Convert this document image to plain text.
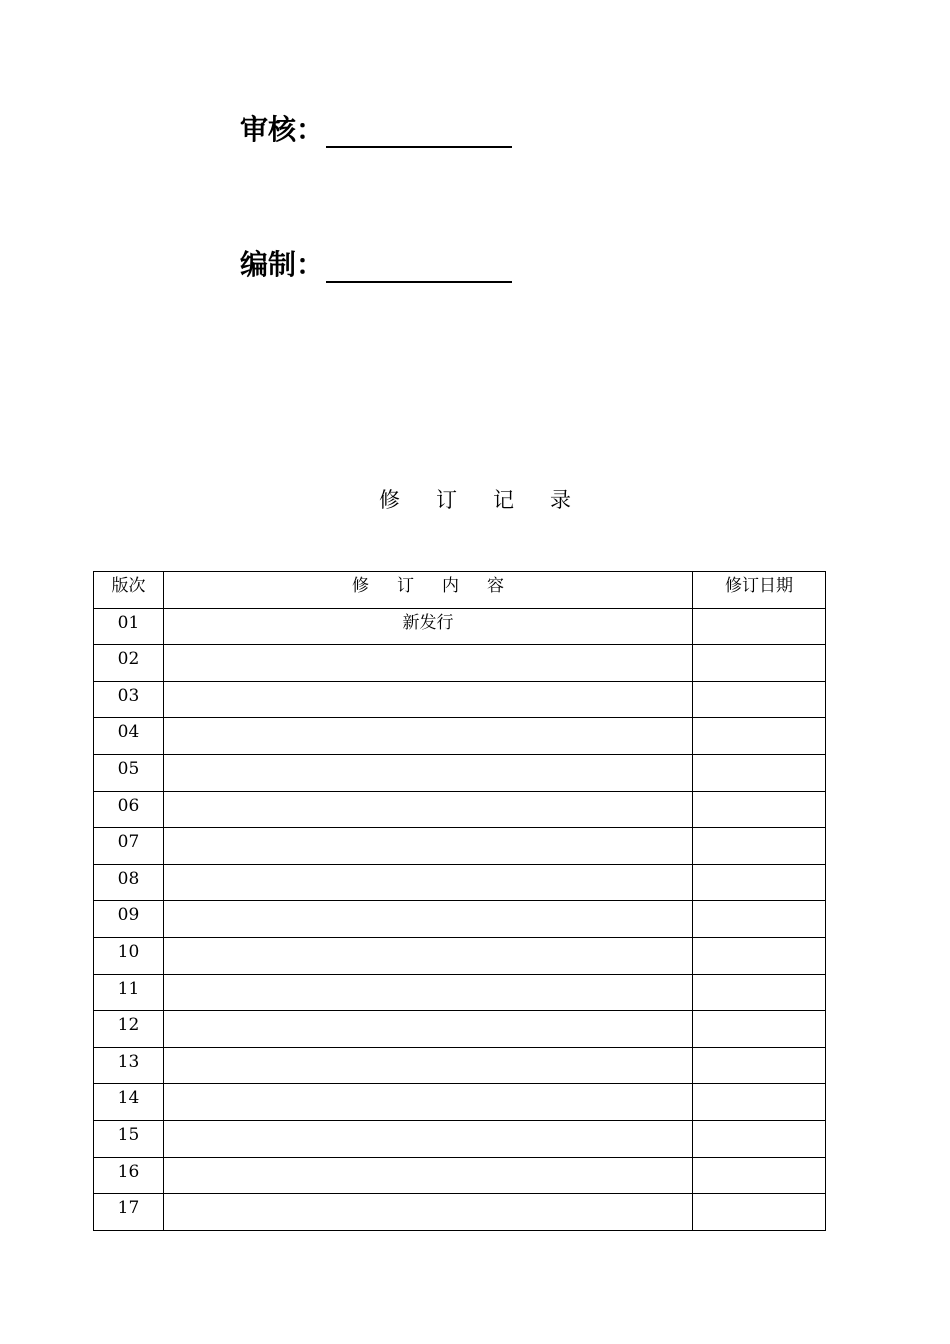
审核：
编制：
修 订 记 录
版次	修 订 内 容	修订日期
01	新发行	
02		
03		
04		
05		
06		
07		
08		
09		
10		
11		
12		
13		
14		
15		
16		
17		
